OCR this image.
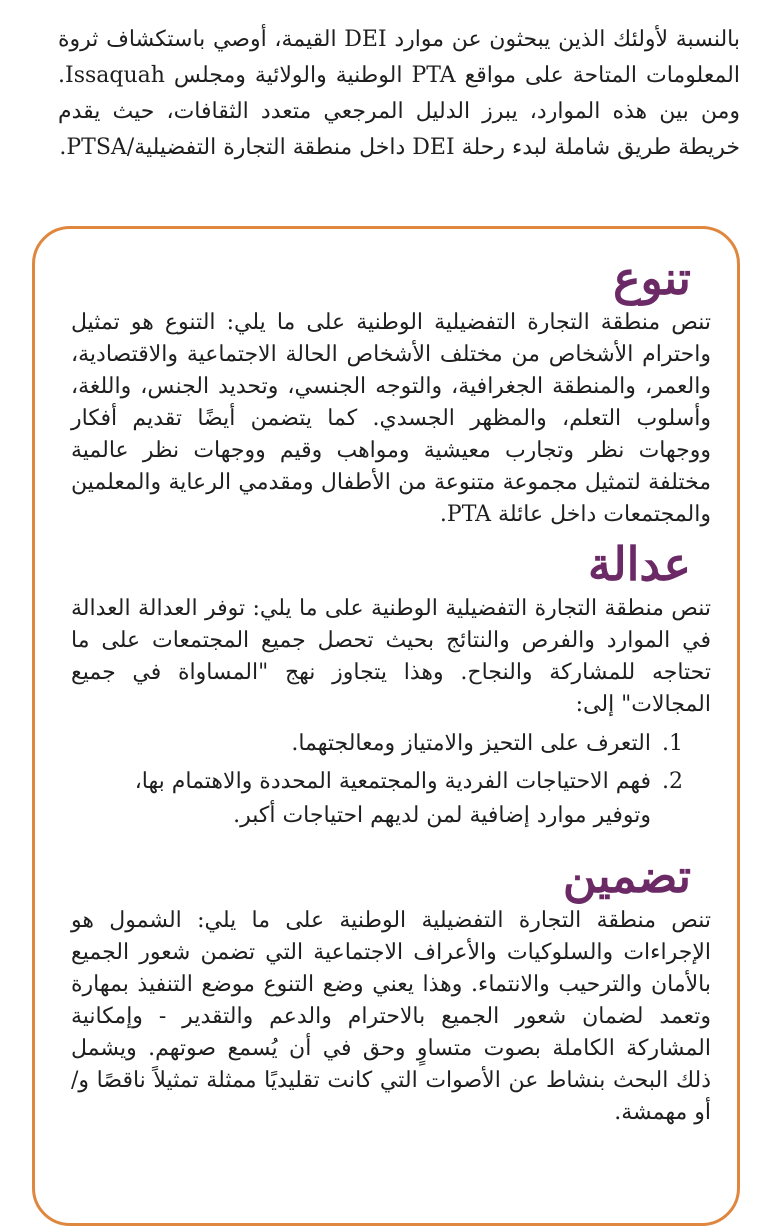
بالنسبة لأولئك الذين يبحثون عن موارد DEI القيمة، أوصي باستكشاف ثروة المعلومات المتاحة على مواقع PTA الوطنية والولائية ومجلس Issaquah. ومن بين هذه الموارد، يبرز الدليل المرجعي متعدد الثقافات، حيث يقدم خريطة طريق شاملة لبدء رحلة DEI داخل منطقة التجارة التفضيلية/PTSA.

تنوع

تنص منطقة التجارة التفضيلية الوطنية على ما يلي: التنوع هو تمثيل واحترام الأشخاص من مختلف الأشخاص الحالة الاجتماعية والاقتصادية، والعمر، والمنطقة الجغرافية، والتوجه الجنسي، وتحديد الجنس، واللغة، وأسلوب التعلم، والمظهر الجسدي. كما يتضمن أيضًا تقديم أفكار ووجهات نظر وتجارب معيشية ومواهب وقيم ووجهات نظر عالمية مختلفة لتمثيل مجموعة متنوعة من الأطفال ومقدمي الرعاية والمعلمين والمجتمعات داخل عائلة PTA.

عدالة

تنص منطقة التجارة التفضيلية الوطنية على ما يلي: توفر العدالة العدالة في الموارد والفرص والنتائج بحيث تحصل جميع المجتمعات على ما تحتاجه للمشاركة والنجاح. وهذا يتجاوز نهج "المساواة في جميع المجالات" إلى:

1.
التعرف على التحيز والامتياز ومعالجتهما.
2.
فهم الاحتياجات الفردية والمجتمعية المحددة والاهتمام بها، وتوفير موارد إضافية لمن لديهم احتياجات أكبر.
تضمين

تنص منطقة التجارة التفضيلية الوطنية على ما يلي: الشمول هو الإجراءات والسلوكيات والأعراف الاجتماعية التي تضمن شعور الجميع بالأمان والترحيب والانتماء. وهذا يعني وضع التنوع موضع التنفيذ بمهارة وتعمد لضمان شعور الجميع بالاحترام والدعم والتقدير - وإمكانية المشاركة الكاملة بصوت متساوٍ وحق في أن يُسمع صوتهم. ويشمل ذلك البحث بنشاط عن الأصوات التي كانت تقليديًا ممثلة تمثيلاً ناقصًا و/أو مهمشة.
